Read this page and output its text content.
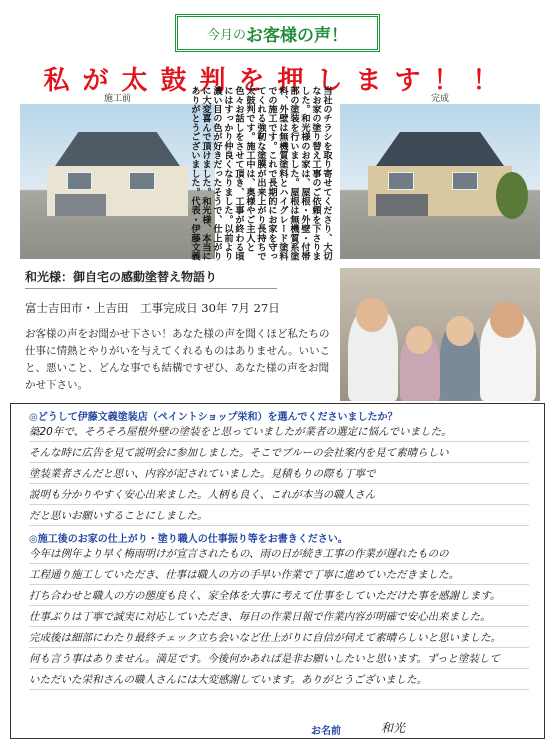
今月の お客様の声！
私が太鼓判を押します！！
施工前	当社のチラシを取り寄せてくださり、大切なお家の塗り替え工事のご依頼を下さりました。和光様のお家は、屋根・外壁・付帯部の塗装を行いました。屋根は無機質系塗料、外壁は無機質塗料とハイグレード塗料での施工です。これで長期的にお家を守ってくれる強靭な塗膜が出来上がり長持ちで太鼓判です。施工中は、奥様やご主人と色々お話しをさせて頂き、工事が終わる頃にはすっかり仲良くなりました。以前より濃い目の色が好きだったそうで、仕上がりに大変喜んで頂けました。和光様、本当にありがとうございました。代表・伊藤文義	完成
和光様：御自宅の感動塗替え物語り
富士吉田市・上吉田 工事完成日 30年 7月 27日
お客様の声をお聞かせ下さい！あなた様の声を聞くほど私たちの仕事に情熱とやりがいを与えてくれるものはありません。いいこと、悪いこと、どんな事でも結構ですぜひ、あなた様の声をお聞かせ下さい。
◎どうして伊藤文義塗装店（ペイントショップ栄和）を選んでくださいましたか？
築20年で、そろそろ屋根外壁の塗装をと思っていましたが業者の選定に悩んでいました。
そんな時に広告を見て説明会に参加しました。そこでブルーの会社案内を見て素晴らしい
塗装業者さんだと思い、内容が記されていました。見積もりの際も丁寧で
説明も分かりやすく安心出来ました。人柄も良く、これが本当の職人さん
だと思いお願いすることにしました。
◎施工後のお家の仕上がり・塗り職人の仕事振り等をお書きください。
今年は例年より早く梅雨明けが宣言されたもの、雨の日が続き工事の作業が遅れたものの
工程通り施工していただき、仕事は職人の方の手早い作業で丁寧に進めていただきました。
打ち合わせと職人の方の態度も良く、家全体を大事に考えて仕事をしていただけた事を感謝します。
仕事ぶりは丁寧で誠実に対応していただき、毎日の作業日報で作業内容が明確で安心出来ました。
完成後は細部にわたり最終チェック立ち会いなど仕上がりに自信が伺えて素晴らしいと思いました。
何も言う事はありません。満足です。今後何かあれば是非お願いしたいと思います。ずっと塗装して
いただいた栄和さんの職人さんには大変感謝しています。ありがとうございました。
お名前	和光
